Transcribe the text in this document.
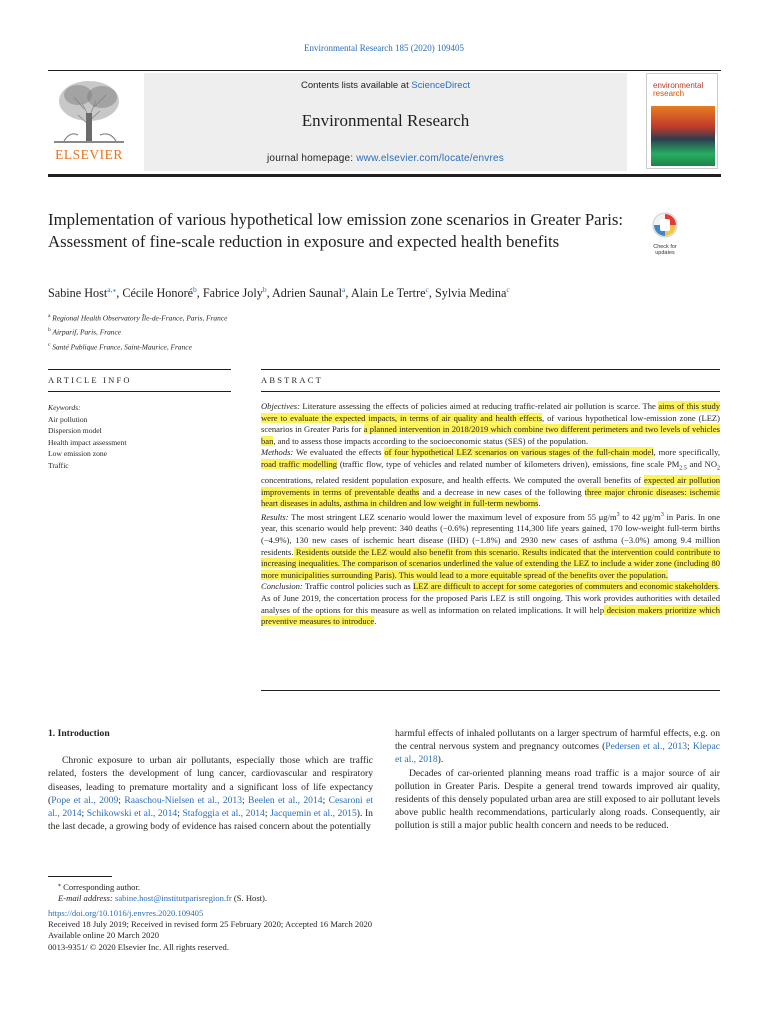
Environmental Research 185 (2020) 109405
ELSEVIER
Contents lists available at ScienceDirect
Environmental Research
journal homepage: www.elsevier.com/locate/envres
environmental
research
Implementation of various hypothetical low emission zone scenarios in Greater Paris: Assessment of fine-scale reduction in exposure and expected health benefits	Check for
updates
Sabine Host$^{a,⁎}$, Cécile Honoré$^b$, Fabrice Joly$^b$, Adrien Saunal$^a$, Alain Le Tertre$^c$, Sylvia Medina$^c$
$^a$ Regional Health Observatory Île-de-France, Paris, France
$^b$ Airparif, Paris, France
$^c$ Santé Publique France, Saint-Maurice, France
ARTICLE INFO	ABSTRACT
Keywords:
Air pollution
Dispersion model
Health impact assessment
Low emission zone
Traffic
Objectives: Literature assessing the effects of policies aimed at reducing traffic-related air pollution is scarce. The aims of this study were to evaluate the expected impacts, in terms of air quality and health effects, of various hypothetical low-emission zone (LEZ) scenarios in Greater Paris for a planned intervention in 2018/2019 which combine two different perimeters and two levels of vehicles ban, and to assess those impacts according to the socioeconomic status (SES) of the population.
Methods: We evaluated the effects of four hypothetical LEZ scenarios on various stages of the full-chain model, more specifically, road traffic modelling (traffic flow, type of vehicles and related number of kilometers driven), emissions, fine scale $PM_{2.5}$ and $NO_2$ concentrations, related resident population exposure, and health effects. We computed the overall benefits of expected air pollution improvements in terms of preventable deaths and a decrease in new cases of the following three major chronic diseases: ischemic heart diseases in adults, asthma in children and low weight in full-term newborns.
Results: The most stringent LEZ scenario would lower the maximum level of exposure from 55 $\mu g/m^3$ to 42 $\mu g/m^3$ in Paris. In one year, this scenario would help prevent: 340 deaths (−0.6%) representing 114,300 life years gained, 170 low-weight full-term births (−4.9%), 130 new cases of ischemic heart disease (IHD) (−1.8%) and 2930 new cases of asthma (−3.0%) among 9.4 million residents. Residents outside the LEZ would also benefit from this scenario. Results indicated that the intervention could contribute to increasing inequalities. The comparison of scenarios underlined the value of extending the LEZ to include a wider zone (including 80 more municipalities surrounding Paris). This would lead to a more equitable spread of the benefits over the population.
Conclusion: Traffic control policies such as LEZ are difficult to accept for some categories of commuters and economic stakeholders. As of June 2019, the concertation process for the proposed Paris LEZ is still ongoing. This work provides authorities with detailed analyses of the options for this measure as well as information on related implications. It will help decision makers prioritize which preventive measures to introduce.
1. Introduction

Chronic exposure to urban air pollutants, especially those which are traffic related, fosters the development of lung cancer, cardiovascular and respiratory diseases, leading to premature mortality and a significant loss of life expectancy (Pope et al., 2009; Raaschou-Nielsen et al., 2013; Beelen et al., 2014; Cesaroni et al., 2014; Schikowski et al., 2014; Stafoggia et al., 2014; Jacquemin et al., 2015). In the last decade, a growing body of evidence has raised concern about the potentially

harmful effects of inhaled pollutants on a larger spectrum of harmful effects, e.g. on the central nervous system and pregnancy outcomes (Pedersen et al., 2013; Klepac et al., 2018).

Decades of car-oriented planning means road traffic is a major source of air pollution in Greater Paris. Despite a general trend towards improved air quality, residents of this densely populated urban area are still exposed to air pollutant levels above public health recommendations, particularly along roads. Consequently, air pollution is still a major public health concern and needs to be reduced.

⁎ Corresponding author.
E-mail address: sabine.host@institutparisregion.fr (S. Host).
https://doi.org/10.1016/j.envres.2020.109405
Received 18 July 2019; Received in revised form 25 February 2020; Accepted 16 March 2020
Available online 20 March 2020
0013-9351/ © 2020 Elsevier Inc. All rights reserved.
